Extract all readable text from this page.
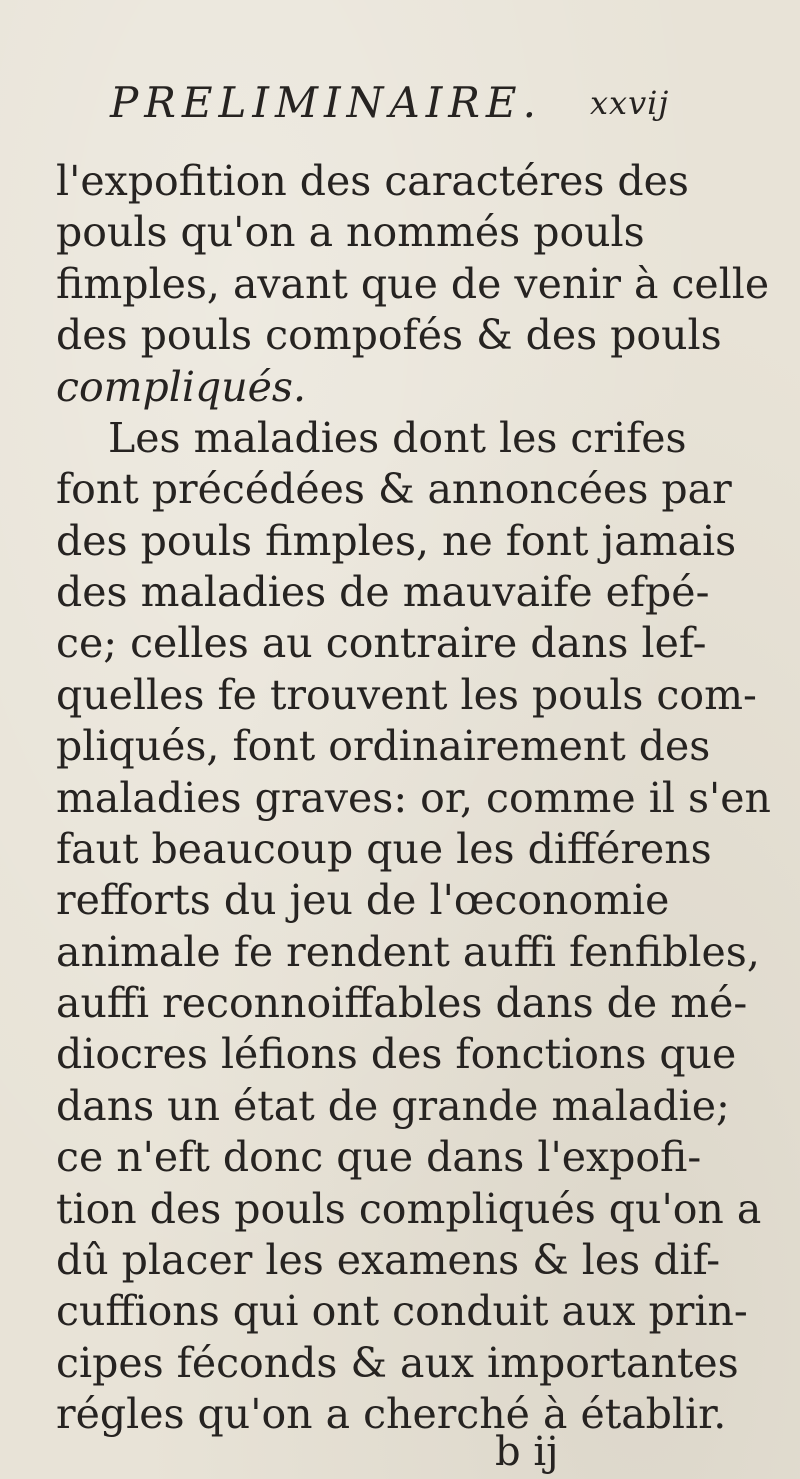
PRELIMINAIRE. xxvij
l'expofition des caractéres des
pouls qu'on a nommés pouls
fimples, avant que de venir à celle
des pouls compofés & des pouls
compliqués.
Les maladies dont les crifes
font précédées & annoncées par
des pouls fimples, ne font jamais
des maladies de mauvaife efpé-
ce; celles au contraire dans lef-
quelles fe trouvent les pouls com-
pliqués, font ordinairement des
maladies graves: or, comme il s'en
faut beaucoup que les différens
refforts du jeu de l'œconomie
animale fe rendent auffi fenfibles,
auffi reconnoiffables dans de mé-
diocres léfions des fonctions que
dans un état de grande maladie;
ce n'eft donc que dans l'expofi-
tion des pouls compliqués qu'on a
dû placer les examens & les dif-
cuffions qui ont conduit aux prin-
cipes féconds & aux importantes
régles qu'on a cherché à établir.
b ij
